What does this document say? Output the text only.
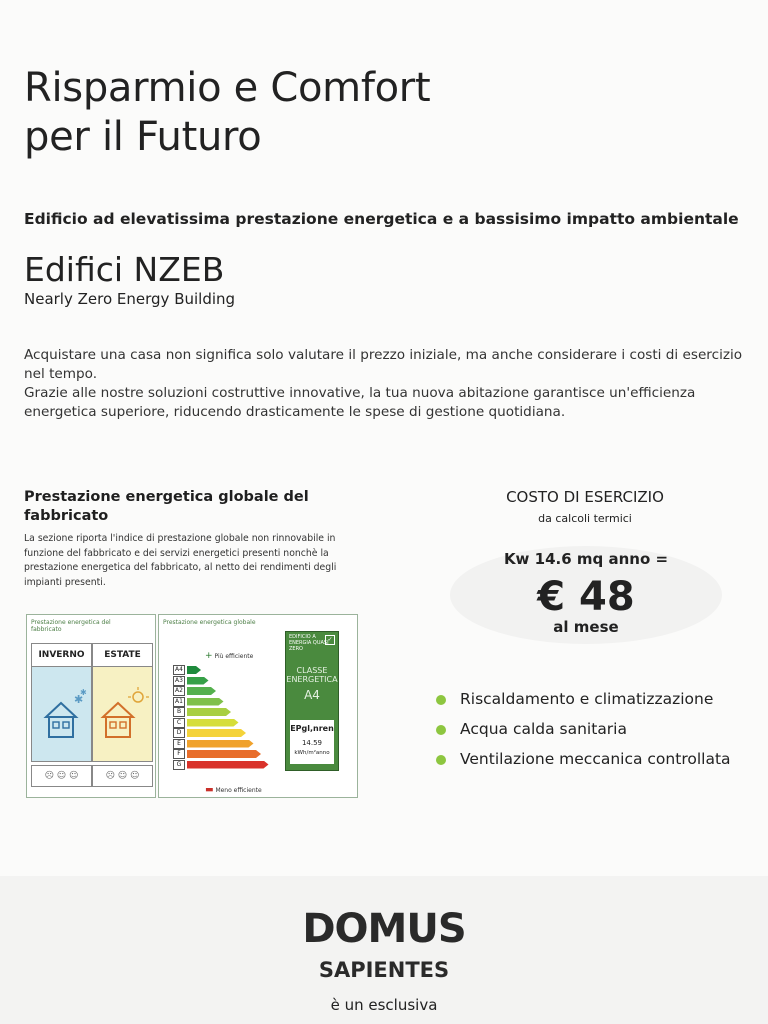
Risparmio e Comfort
per il Futuro
Edificio ad elevatissima prestazione energetica e a bassisimo impatto ambientale
Edifici NZEB
Nearly Zero Energy Building

Acquistare una casa non significa solo valutare il prezzo iniziale, ma anche considerare i costi di esercizio nel tempo.

Grazie alle nostre soluzioni costruttive innovative, la tua nuova abitazione garantisce un'efficienza energetica superiore, riducendo drasticamente le spese di gestione quotidiana.

Prestazione energetica globale del fabbricato
La sezione riporta l'indice di prestazione globale non rinnovabile in funzione del fabbricato e dei servizi energetici presenti nonchè la prestazione energetica del fabbricato, al netto dei rendimenti degli impianti presenti.
Prestazione energetica del fabbricato
INVERNO
✱
✱
ESTATE
☹ ☺ ☺	☹ ☺ ☺
Prestazione energetica globale
+ Più efficiente
A4
A3
A2
A1
B
C
D
E
F
G
▬ Meno efficiente
EDIFICIO A ENERGIA QUASI ZERO
✓
CLASSE ENERGETICA
A4
EPgl,nren
14.59
kWh/m²anno
COSTO DI ESERCIZIO
da calcoli termici
Kw 14.6 mq anno =
€ 48
al mese
Riscaldamento e climatizzazione
Acqua calda sanitaria
Ventilazione meccanica controllata
DOMUS
SAPIENTES
è un esclusiva
